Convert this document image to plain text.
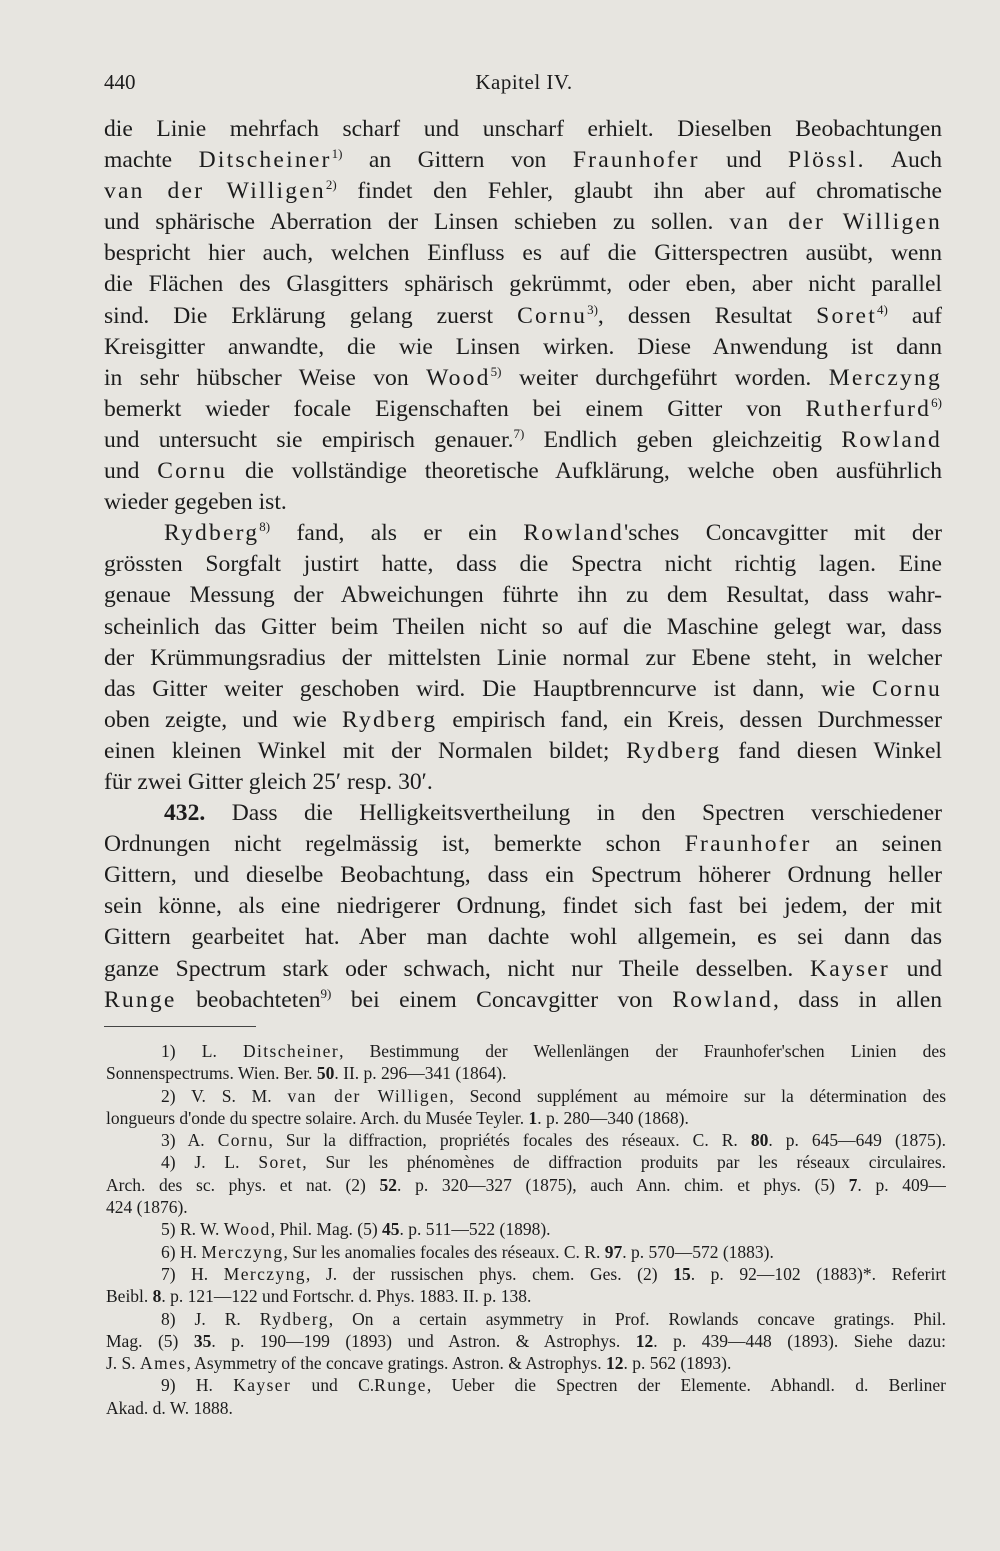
440	Kapitel IV.
die Linie mehrfach scharf und unscharf erhielt. Dieselben Beobachtungen
machte Ditscheiner$^{1)}$ an Gittern von Fraunhofer und Plössl. Auch
van der Willigen$^{2)}$ findet den Fehler, glaubt ihn aber auf chromatische
und sphärische Aberration der Linsen schieben zu sollen. van der Willigen
bespricht hier auch, welchen Einfluss es auf die Gitterspectren ausübt, wenn
die Flächen des Glasgitters sphärisch gekrümmt, oder eben, aber nicht parallel
sind. Die Erklärung gelang zuerst Cornu$^{3)}$, dessen Resultat Soret$^{4)}$ auf
Kreisgitter anwandte, die wie Linsen wirken. Diese Anwendung ist dann
in sehr hübscher Weise von Wood$^{5)}$ weiter durchgeführt worden. Merczyng
bemerkt wieder focale Eigenschaften bei einem Gitter von Rutherfurd$^{6)}$
und untersucht sie empirisch genauer.$^{7)}$ Endlich geben gleichzeitig Rowland
und Cornu die vollständige theoretische Aufklärung, welche oben ausführlich
wieder gegeben ist.
Rydberg$^{8)}$ fand, als er ein Rowland'sches Concavgitter mit der
grössten Sorgfalt justirt hatte, dass die Spectra nicht richtig lagen. Eine
genaue Messung der Abweichungen führte ihn zu dem Resultat, dass wahr-
scheinlich das Gitter beim Theilen nicht so auf die Maschine gelegt war, dass
der Krümmungsradius der mittelsten Linie normal zur Ebene steht, in welcher
das Gitter weiter geschoben wird. Die Hauptbrenncurve ist dann, wie Cornu
oben zeigte, und wie Rydberg empirisch fand, ein Kreis, dessen Durchmesser
einen kleinen Winkel mit der Normalen bildet; Rydberg fand diesen Winkel
für zwei Gitter gleich 25′ resp. 30′.
432. Dass die Helligkeitsvertheilung in den Spectren verschiedener
Ordnungen nicht regelmässig ist, bemerkte schon Fraunhofer an seinen
Gittern, und dieselbe Beobachtung, dass ein Spectrum höherer Ordnung heller
sein könne, als eine niedrigerer Ordnung, findet sich fast bei jedem, der mit
Gittern gearbeitet hat. Aber man dachte wohl allgemein, es sei dann das
ganze Spectrum stark oder schwach, nicht nur Theile desselben. Kayser und
Runge beobachteten$^{9)}$ bei einem Concavgitter von Rowland, dass in allen
1) L. Ditscheiner, Bestimmung der Wellenlängen der Fraunhofer'schen Linien des
Sonnenspectrums. Wien. Ber. 50. II. p. 296—341 (1864).
2) V. S. M. van der Willigen, Second supplément au mémoire sur la détermination des
longueurs d'onde du spectre solaire. Arch. du Musée Teyler. 1. p. 280—340 (1868).
3) A. Cornu, Sur la diffraction, propriétés focales des réseaux. C. R. 80. p. 645—649 (1875).
4) J. L. Soret, Sur les phénomènes de diffraction produits par les réseaux circulaires.
Arch. des sc. phys. et nat. (2) 52. p. 320—327 (1875), auch Ann. chim. et phys. (5) 7. p. 409—
424 (1876).
5) R. W. Wood, Phil. Mag. (5) 45. p. 511—522 (1898).
6) H. Merczyng, Sur les anomalies focales des réseaux. C. R. 97. p. 570—572 (1883).
7) H. Merczyng, J. der russischen phys. chem. Ges. (2) 15. p. 92—102 (1883)*. Referirt
Beibl. 8. p. 121—122 und Fortschr. d. Phys. 1883. II. p. 138.
8) J. R. Rydberg, On a certain asymmetry in Prof. Rowlands concave gratings. Phil.
Mag. (5) 35. p. 190—199 (1893) und Astron. & Astrophys. 12. p. 439—448 (1893). Siehe dazu:
J. S. Ames, Asymmetry of the concave gratings. Astron. & Astrophys. 12. p. 562 (1893).
9) H. Kayser und C.Runge, Ueber die Spectren der Elemente. Abhandl. d. Berliner
Akad. d. W. 1888.
